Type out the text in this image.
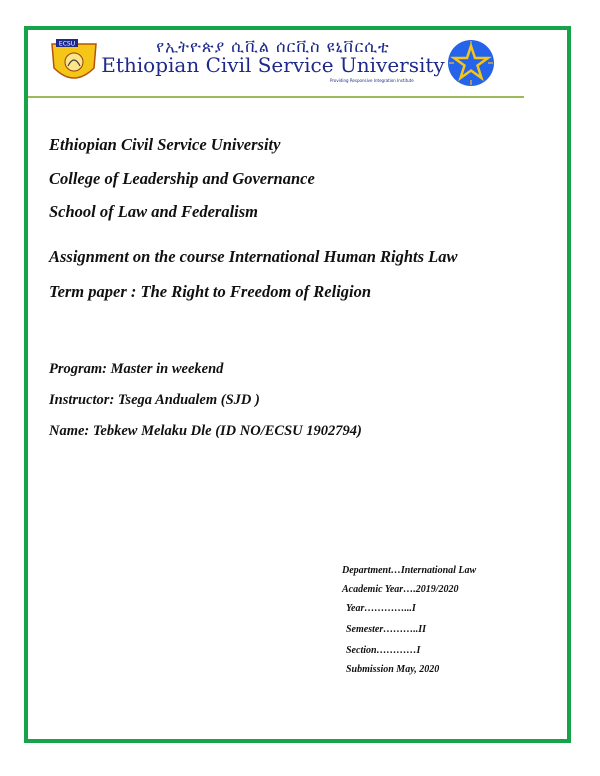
ECSU	የኢትዮጵያ ሲቪል ሰርቪስ ዩኒቨርሲቲ
Ethiopian Civil Service University
Providing Responsive Integration Institute
Ethiopian Civil Service University
College of Leadership and Governance
School of Law and Federalism
Assignment on the course International Human Rights Law
Term paper : The Right to Freedom of Religion
Program: Master in weekend
Instructor: Tsega Andualem (SJD )
Name: Tebkew Melaku Dle (ID NO/ECSU 1902794)
Department…International Law
Academic Year….2019/2020
Year…………...I
Semester………..II
Section…………I
Submission May, 2020
